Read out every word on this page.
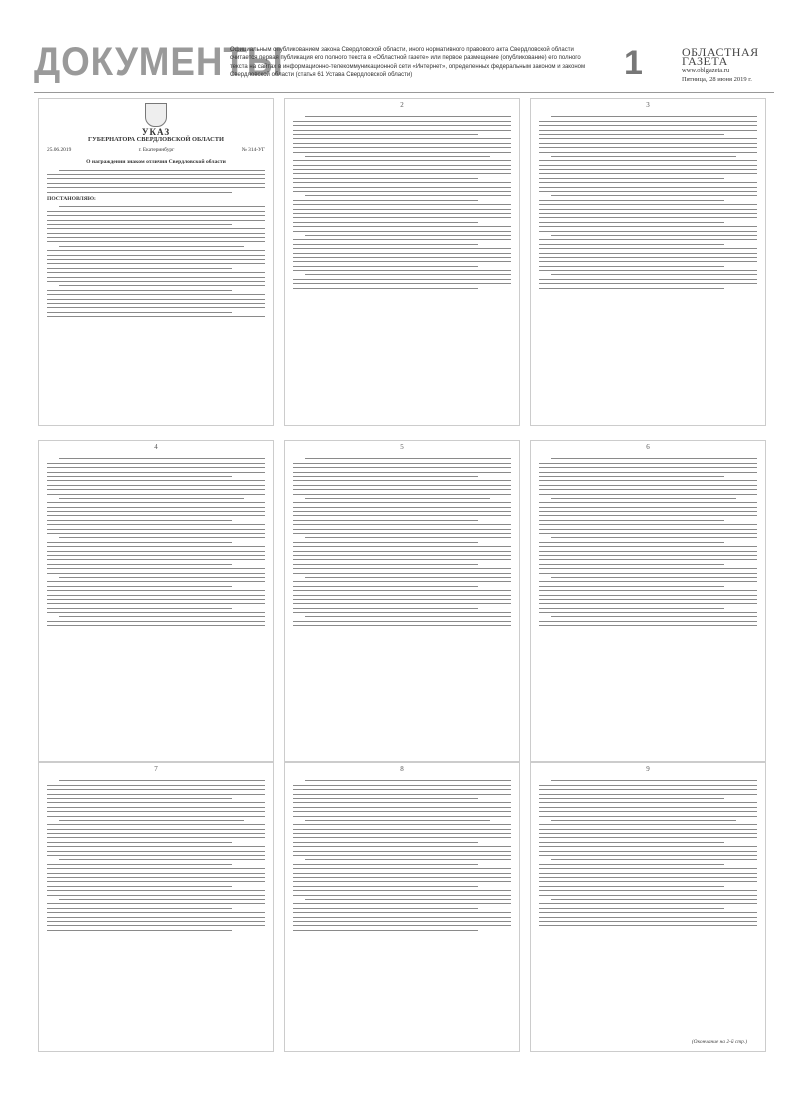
ДОКУМЕНТЫ
Официальным опубликованием закона Свердловской области, иного нормативного правового акта Свердловской области считается первая публикация его полного текста в «Областной газете» или первое размещение (опубликование) его полного текста на сайтах в информационно-телекоммуникационной сети «Интернет», определенных федеральным законом и законом Свердловской области (статья 61 Устава Свердловской области)	1	ОБЛАСТНАЯ ГАЗЕТА
www.oblgazeta.ru
Пятница, 28 июня 2019 г.
УКАЗ
ГУБЕРНАТОРА СВЕРДЛОВСКОЙ ОБЛАСТИ
25.06.2019	г. Екатеринбург	№ 314-УГ
О награждении знаком отличия Свердловской области
ПОСТАНОВЛЯЮ:
2	3
4	5	6
7	8	9
(Окончание на 2-й стр.)
